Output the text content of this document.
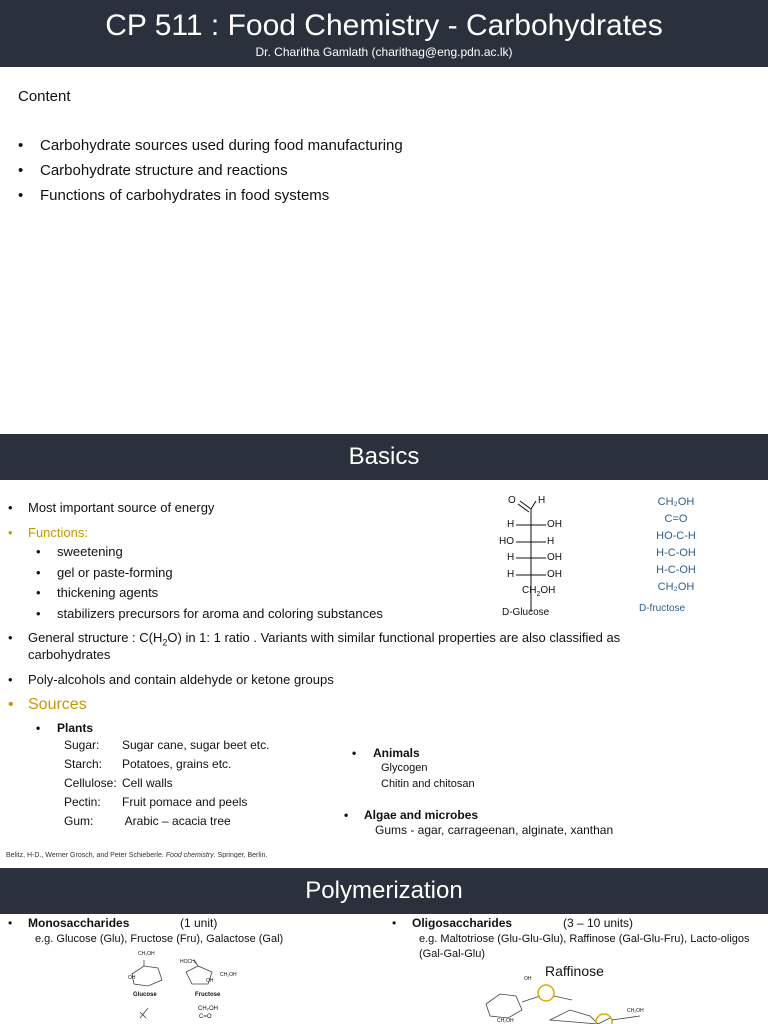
CP 511 : Food Chemistry - Carbohydrates
Dr. Charitha Gamlath (charithag@eng.pdn.ac.lk)
Content
• Carbohydrate sources used during food manufacturing
• Carbohydrate structure and reactions
• Functions of carbohydrates in food systems
Basics
• Most important source of energy
• Functions:
• sweetening
• gel or paste-forming
• thickening agents
• stabilizers precursors for aroma and coloring substances
• General structure : $C(H_2O)$ in 1: 1 ratio . Variants with similar functional properties are also classified as
carbohydrates
• Poly-alcohols and contain aldehyde or ketone groups
• Sources
• Plants
Sugar: Sugar cane, sugar beet etc.
Starch: Potatoes, grains etc.
Cellulose: Cell walls
Pectin: Fruit pomace and peels
Gum: Arabic – acacia tree
• Animals
Glycogen
Chitin and chitosan
• Algae and microbes
Gums - agar, carrageenan, alginate, xanthan
Belitz, H-D., Werner Grosch, and Peter Schieberle. Food chemistry. Springer, Berlin.
O H
H	OH
HO	H
H	OH
H	OH
$CH_2OH$
D-Glucose
CH₂OH
C=O
HO-C-H
H-C-OH
H-C-OH
CH₂OH
D-fructose
Polymerization
• Monosaccharides	(1 unit)
e.g. Glucose (Glu), Fructose (Fru), Galactose (Gal)
• Oligosaccharides	(3 – 10 units)
e.g. Maltotriose (Glu-Glu-Glu), Raffinose (Gal-Glu-Fru), Lacto-oligos
(Gal-Gal-Glu)
CH₂OH
HOCH₂
CH₂OH
OH	OH
Glucose	Fructose
CH₂OH
C=O
Raffinose
OH
CH₂OH
CH₂OH
